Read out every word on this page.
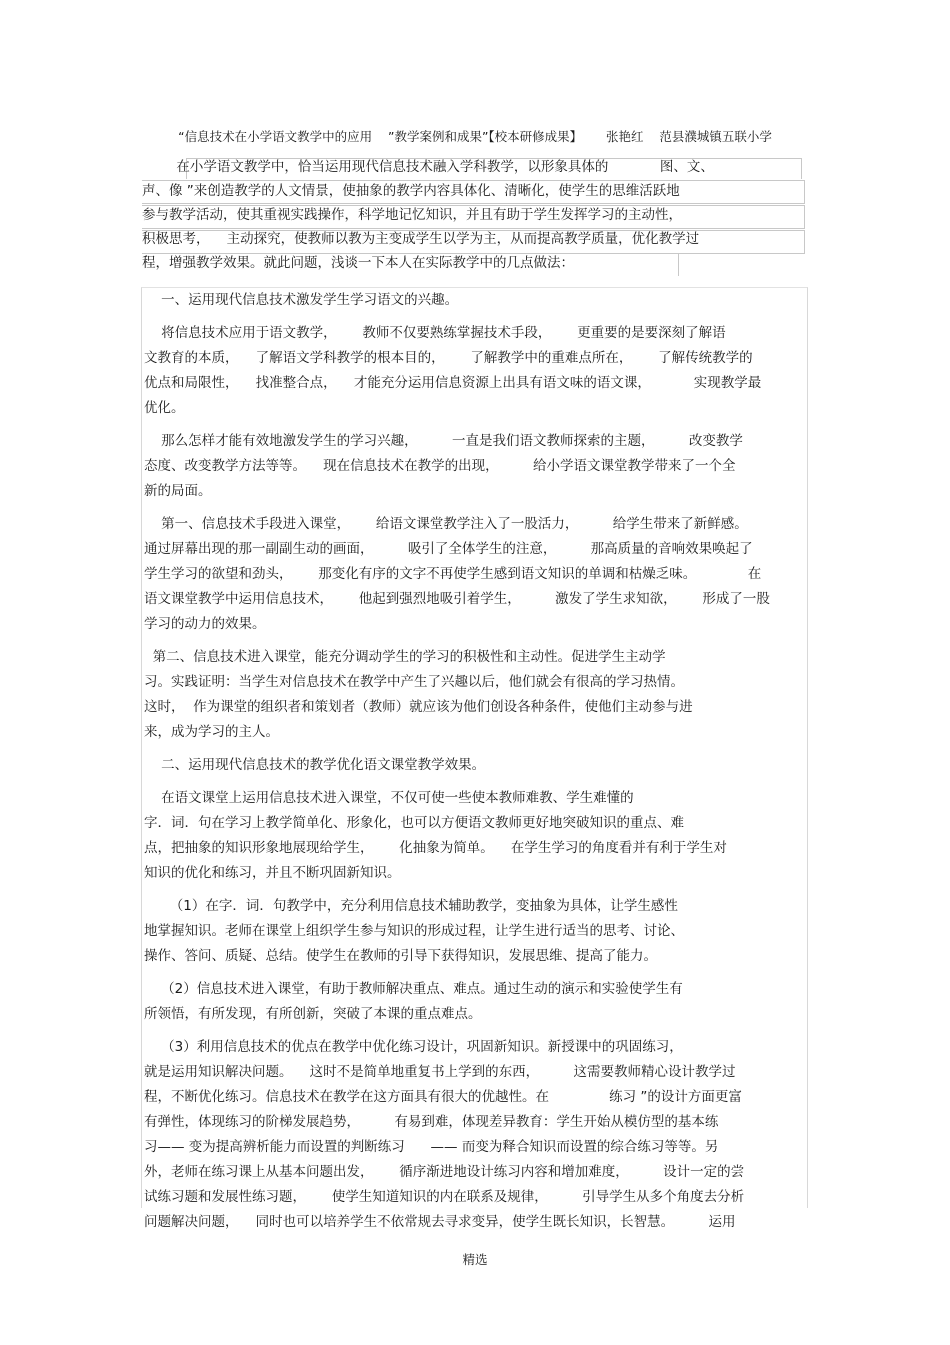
“信息技术在小学语文教学中的应用    ”教学案例和成果”【校本研修成果】      张艳红    范县濮城镇五联小学
在小学语文教学中，恰当运用现代信息技术融入学科教学，以形象具体的            图、文、
声、像 ”来创造教学的人文情景，使抽象的教学内容具体化、清晰化，使学生的思维活跃地
参与教学活动，使其重视实践操作，科学地记忆知识，并且有助于学生发挥学习的主动性，
积极思考，    主动探究，使教师以教为主变成学生以学为主，从而提高教学质量，优化教学过
程，增强教学效果。就此问题，浅谈一下本人在实际教学中的几点做法：
一、运用现代信息技术激发学生学习语文的兴趣。
将信息技术应用于语文教学，      教师不仅要熟练掌握技术手段，      更重要的是要深刻了解语
文教育的本质，    了解语文学科教学的根本目的，      了解教学中的重难点所在，      了解传统教学的
优点和局限性，    找准整合点，    才能充分运用信息资源上出具有语文味的语文课，          实现教学最
优化。
那么怎样才能有效地激发学生的学习兴趣，        一直是我们语文教师探索的主题，        改变教学
态度、改变教学方法等等。    现在信息技术在教学的出现，        给小学语文课堂教学带来了一个全
新的局面。
第一、信息技术手段进入课堂，      给语文课堂教学注入了一股活力，        给学生带来了新鲜感。
通过屏幕出现的那一副副生动的画面，        吸引了全体学生的注意，        那高质量的音响效果唤起了
学生学习的欲望和劲头，      那变化有序的文字不再使学生感到语文知识的单调和枯燥乏味。            在
语文课堂教学中运用信息技术，      他起到强烈地吸引着学生，        激发了学生求知欲，      形成了一股
学习的动力的效果。
第二、信息技术进入课堂，能充分调动学生的学习的积极性和主动性。促进学生主动学
习。实践证明：当学生对信息技术在教学中产生了兴趣以后，他们就会有很高的学习热情。
这时，  作为课堂的组织者和策划者（教师）就应该为他们创设各种条件，使他们主动参与进
来，成为学习的主人。
二、运用现代信息技术的教学优化语文课堂教学效果。
在语文课堂上运用信息技术进入课堂，不仅可使一些使本教师难教、学生难懂的
字．词．句在学习上教学简单化、形象化，也可以方便语文教师更好地突破知识的重点、难
点，把抽象的知识形象地展现给学生，      化抽象为简单。    在学生学习的角度看并有利于学生对
知识的优化和练习，并且不断巩固新知识。
（1）在字．词．句教学中，充分利用信息技术辅助教学，变抽象为具体，让学生感性
地掌握知识。老师在课堂上组织学生参与知识的形成过程，让学生进行适当的思考、讨论、
操作、答问、质疑、总结。使学生在教师的引导下获得知识，发展思维、提高了能力。
（2）信息技术进入课堂，有助于教师解决重点、难点。通过生动的演示和实验使学生有
所领悟，有所发现，有所创新，突破了本课的重点难点。
（3）利用信息技术的优点在教学中优化练习设计，巩固新知识。新授课中的巩固练习，
就是运用知识解决问题。    这时不是简单地重复书上学到的东西，        这需要教师精心设计教学过
程，不断优化练习。信息技术在教学在这方面具有很大的优越性。在              练习 ”的设计方面更富
有弹性，体现练习的阶梯发展趋势，        有易到难，体现差异教育：学生开始从模仿型的基本练
习—— 变为提高辨析能力而设置的判断练习      —— 而变为释合知识而设置的综合练习等等。另
外，老师在练习课上从基本问题出发，      循序渐进地设计练习内容和增加难度，        设计一定的尝
试练习题和发展性练习题，      使学生知道知识的内在联系及规律，        引导学生从多个角度去分析
问题解决问题，    同时也可以培养学生不依常规去寻求变异，使学生既长知识，长智慧。        运用
精选
